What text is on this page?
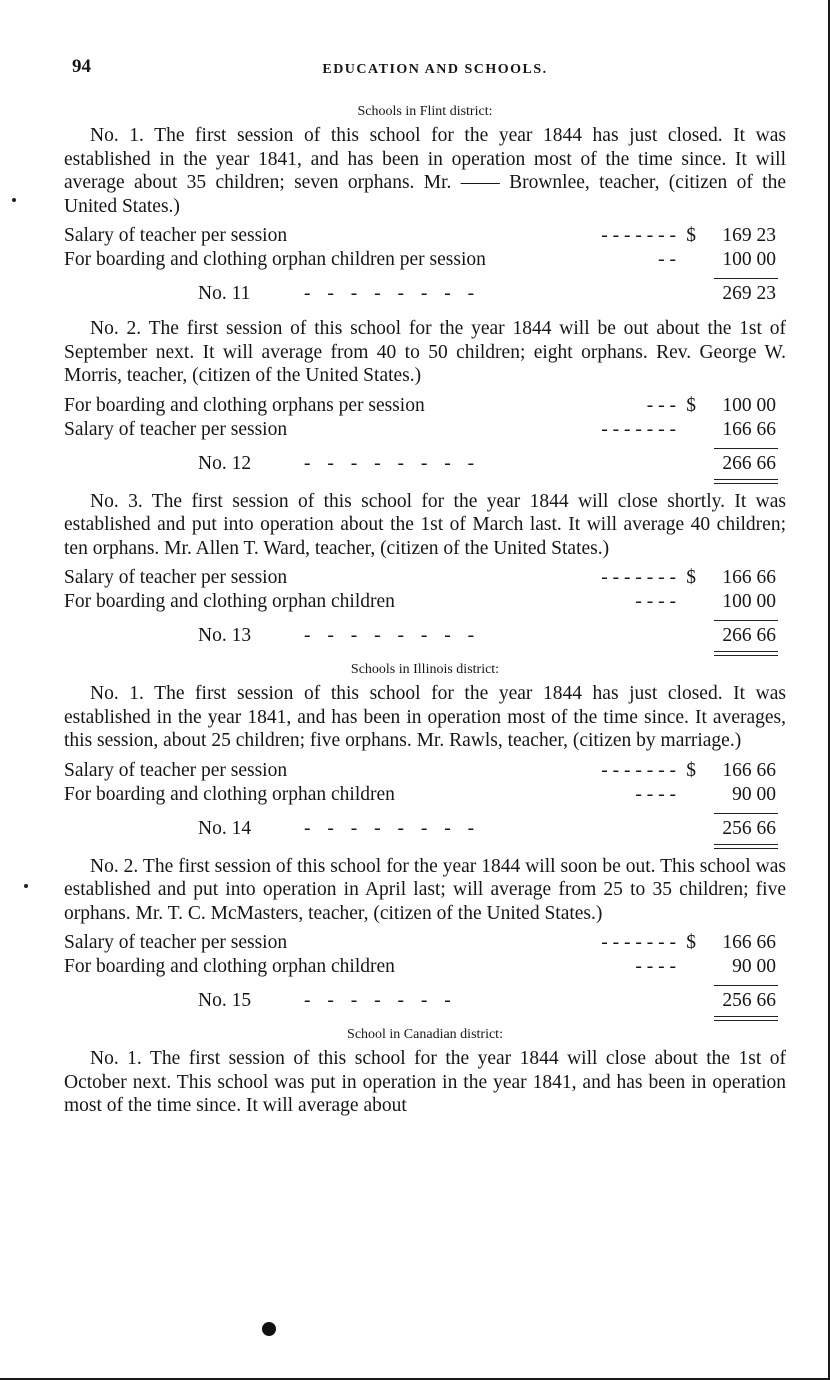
94	EDUCATION AND SCHOOLS.
Schools in Flint district:

No. 1. The first session of this school for the year 1844 has just closed. It was established in the year 1841, and has been in operation most of the time since. It will average about 35 children; seven orphans. Mr. —— Brownlee, teacher, (citizen of the United States.)

Salary of teacher per session	- - - - - - - $	169 23
For boarding and clothing orphan children per session	- -	100 00
No. 11	- - - - - - - -	269 23

No. 2. The first session of this school for the year 1844 will be out about the 1st of September next. It will average from 40 to 50 children; eight orphans. Rev. George W. Morris, teacher, (citizen of the United States.)

For boarding and clothing orphans per session	- - - $	100 00
Salary of teacher per session	- - - - - - -	166 66
No. 12	- - - - - - - -	266 66

No. 3. The first session of this school for the year 1844 will close shortly. It was established and put into operation about the 1st of March last. It will average 40 children; ten orphans. Mr. Allen T. Ward, teacher, (citizen of the United States.)

Salary of teacher per session	- - - - - - - $	166 66
For boarding and clothing orphan children	- - - -	100 00
No. 13	- - - - - - - -	266 66
Schools in Illinois district:

No. 1. The first session of this school for the year 1844 has just closed. It was established in the year 1841, and has been in operation most of the time since. It averages, this session, about 25 children; five orphans. Mr. Rawls, teacher, (citizen by marriage.)

Salary of teacher per session	- - - - - - - $	166 66
For boarding and clothing orphan children	- - - -	90 00
No. 14	- - - - - - - -	256 66

No. 2. The first session of this school for the year 1844 will soon be out. This school was established and put into operation in April last; will average from 25 to 35 children; five orphans. Mr. T. C. McMasters, teacher, (citizen of the United States.)

Salary of teacher per session	- - - - - - - $	166 66
For boarding and clothing orphan children	- - - -	90 00
No. 15	- - - - - - -	256 66
School in Canadian district:

No. 1. The first session of this school for the year 1844 will close about the 1st of October next. This school was put in operation in the year 1841, and has been in operation most of the time since. It will average about
